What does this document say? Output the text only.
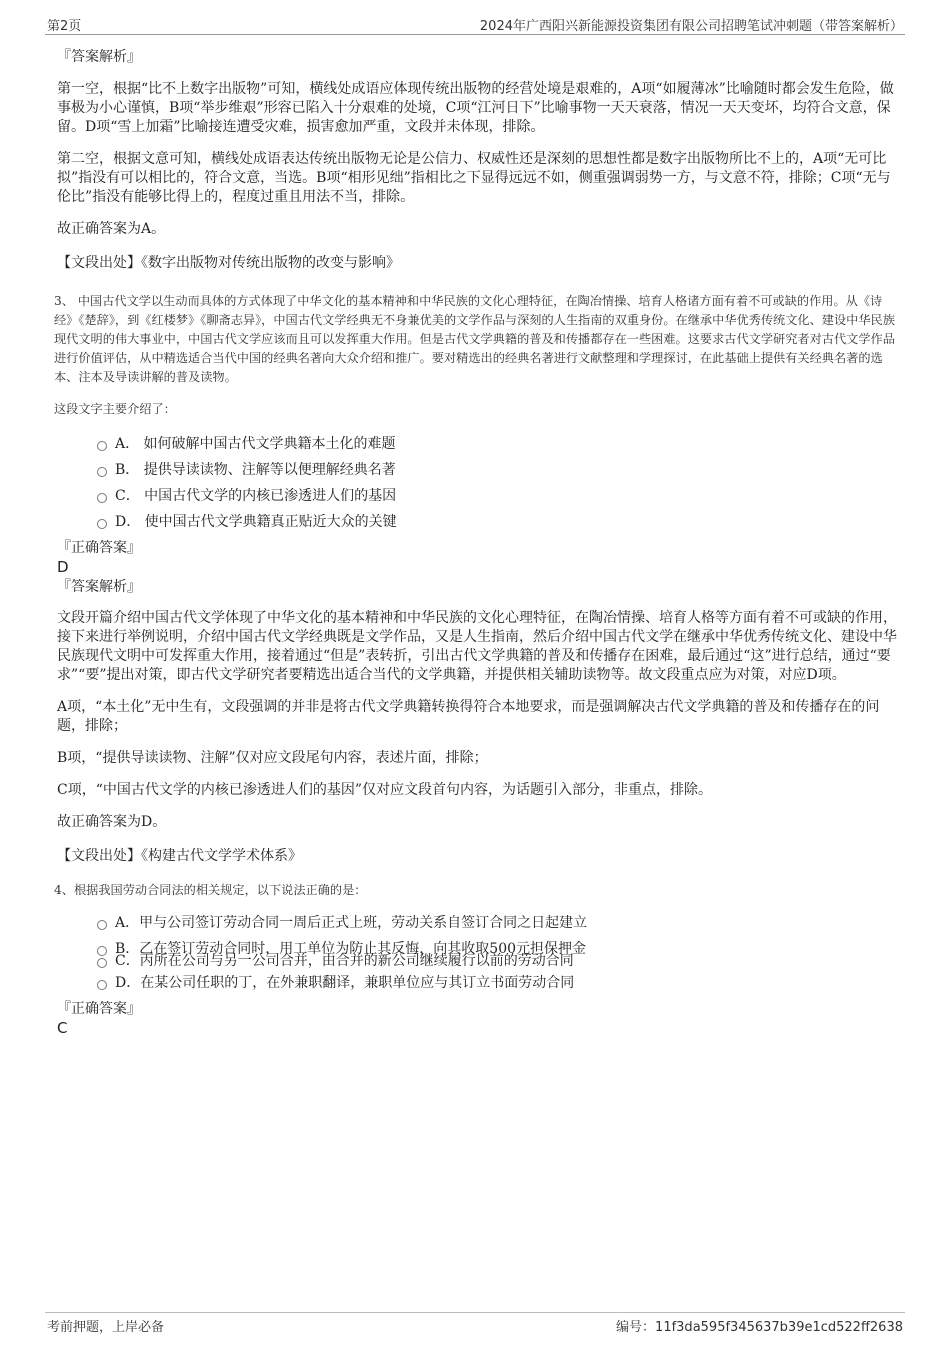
第2页	2024年广西阳兴新能源投资集团有限公司招聘笔试冲刺题（带答案解析）

『答案解析』

第一空，根据“比不上数字出版物”可知，横线处成语应体现传统出版物的经营处境是艰难的，A项“如履薄冰”比喻随时都会发生危险，做事极为小心谨慎，B项“举步维艰”形容已陷入十分艰难的处境，C项“江河日下”比喻事物一天天衰落，情况一天天变坏，均符合文意，保留。D项“雪上加霜”比喻接连遭受灾难，损害愈加严重，文段并未体现，排除。

第二空，根据文意可知，横线处成语表达传统出版物无论是公信力、权威性还是深刻的思想性都是数字出版物所比不上的，A项“无可比拟”指没有可以相比的，符合文意，当选。B项“相形见绌”指相比之下显得远远不如，侧重强调弱势一方，与文意不符，排除；C项“无与伦比”指没有能够比得上的，程度过重且用法不当，排除。

故正确答案为A。

【文段出处】《数字出版物对传统出版物的改变与影响》

3、 中国古代文学以生动而具体的方式体现了中华文化的基本精神和中华民族的文化心理特征，在陶冶情操、培育人格诸方面有着不可或缺的作用。从《诗经》《楚辞》，到《红楼梦》《聊斋志异》，中国古代文学经典无不身兼优美的文学作品与深刻的人生指南的双重身份。在继承中华优秀传统文化、建设中华民族现代文明的伟大事业中，中国古代文学应该而且可以发挥重大作用。但是古代文学典籍的普及和传播都存在一些困难。这要求古代文学研究者对古代文学作品进行价值评估，从中精选适合当代中国的经典名著向大众介绍和推广。要对精选出的经典名著进行文献整理和学理探讨，在此基础上提供有关经典名著的选本、注本及导读讲解的普及读物。

这段文字主要介绍了：

A． 如何破解中国古代文学典籍本土化的难题
B． 提供导读读物、注解等以便理解经典名著
C． 中国古代文学的内核已渗透进人们的基因
D． 使中国古代文学典籍真正贴近大众的关键

『正确答案』

D

『答案解析』

文段开篇介绍中国古代文学体现了中华文化的基本精神和中华民族的文化心理特征，在陶冶情操、培育人格等方面有着不可或缺的作用，接下来进行举例说明，介绍中国古代文学经典既是文学作品，又是人生指南，然后介绍中国古代文学在继承中华优秀传统文化、建设中华民族现代文明中可发挥重大作用，接着通过“但是”表转折，引出古代文学典籍的普及和传播存在困难，最后通过“这”进行总结，通过“要求”“要”提出对策，即古代文学研究者要精选出适合当代的文学典籍，并提供相关辅助读物等。故文段重点应为对策，对应D项。

A项，“本土化”无中生有，文段强调的并非是将古代文学典籍转换得符合本地要求，而是强调解决古代文学典籍的普及和传播存在的问题，排除；

B项，“提供导读读物、注解”仅对应文段尾句内容，表述片面，排除；

C项，“中国古代文学的内核已渗透进人们的基因”仅对应文段首句内容，为话题引入部分，非重点，排除。

故正确答案为D。

【文段出处】《构建古代文学学术体系》

4、根据我国劳动合同法的相关规定，以下说法正确的是：

A．甲与公司签订劳动合同一周后正式上班，劳动关系自签订合同之日起建立
B．乙在签订劳动合同时，用工单位为防止其反悔，向其收取500元担保押金
C．丙所在公司与另一公司合并，由合并的新公司继续履行以前的劳动合同
D．在某公司任职的丁，在外兼职翻译，兼职单位应与其订立书面劳动合同

『正确答案』

C

考前押题，上岸必备	编号：11f3da595f345637b39e1cd522ff2638
